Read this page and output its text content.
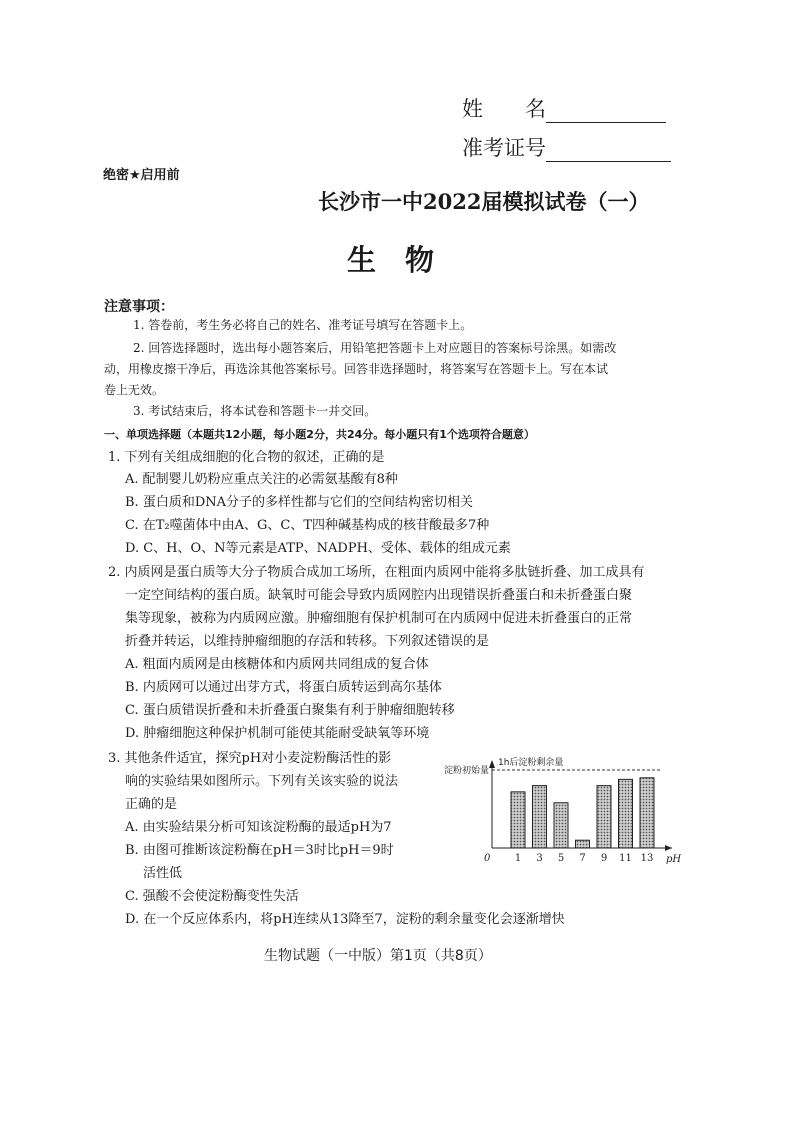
姓　　名
准考证号
绝密★启用前
长沙市一中2022届模拟试卷（一）
生　物
注意事项：
1. 答卷前，考生务必将自己的姓名、准考证号填写在答题卡上。
2. 回答选择题时，选出每小题答案后，用铅笔把答题卡上对应题目的答案标号涂黑。如需改
动，用橡皮擦干净后，再选涂其他答案标号。回答非选择题时，将答案写在答题卡上。写在本试
卷上无效。
3. 考试结束后，将本试卷和答题卡一并交回。
一、单项选择题（本题共12小题，每小题2分，共24分。每小题只有1个选项符合题意）
1. 下列有关组成细胞的化合物的叙述，正确的是
A. 配制婴儿奶粉应重点关注的必需氨基酸有8种
B. 蛋白质和DNA分子的多样性都与它们的空间结构密切相关
C. 在T₂噬菌体中由A、G、C、T四种碱基构成的核苷酸最多7种
D. C、H、O、N等元素是ATP、NADPH、受体、载体的组成元素
2. 内质网是蛋白质等大分子物质合成加工场所，在粗面内质网中能将多肽链折叠、加工成具有
一定空间结构的蛋白质。缺氧时可能会导致内质网腔内出现错误折叠蛋白和未折叠蛋白聚
集等现象，被称为内质网应激。肿瘤细胞有保护机制可在内质网中促进未折叠蛋白的正常
折叠并转运，以维持肿瘤细胞的存活和转移。下列叙述错误的是
A. 粗面内质网是由核糖体和内质网共同组成的复合体
B. 内质网可以通过出芽方式，将蛋白质转运到高尔基体
C. 蛋白质错误折叠和未折叠蛋白聚集有利于肿瘤细胞转移
D. 肿瘤细胞这种保护机制可能使其能耐受缺氧等环境
3. 其他条件适宜，探究pH对小麦淀粉酶活性的影
响的实验结果如图所示。下列有关该实验的说法
正确的是
A. 由实验结果分析可知该淀粉酶的最适pH为7
B. 由图可推断该淀粉酶在pH＝3时比pH＝9时
活性低
C. 强酸不会使淀粉酶变性失活
D. 在一个反应体系内，将pH连续从13降至7，淀粉的剩余量变化会逐渐增快
1h后淀粉剩余量
淀粉初始量
0	pH
1 3 5 7 9 11 13
生物试题（一中版）第1页（共8页）
